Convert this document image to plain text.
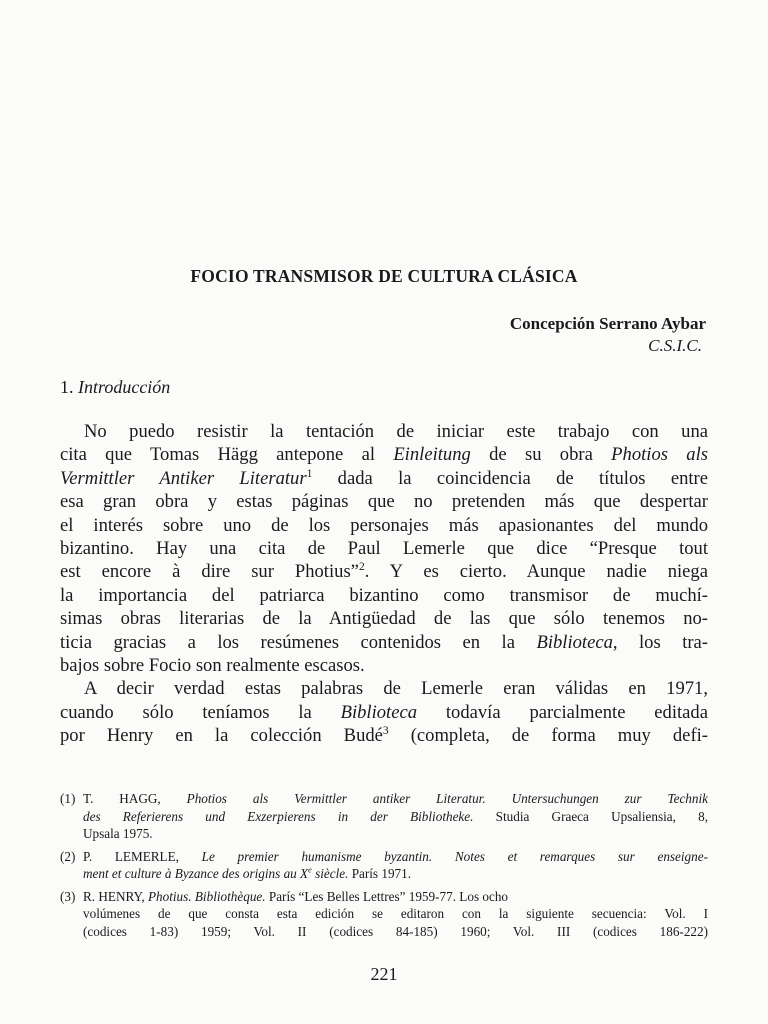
FOCIO TRANSMISOR DE CULTURA CLÁSICA
Concepción Serrano Aybar
C.S.I.C.
1. Introducción
No puedo resistir la tentación de iniciar este trabajo con una
cita que Tomas Hägg antepone al Einleitung de su obra Photios als
Vermittler Antiker Literatur$^1$ dada la coincidencia de títulos entre
esa gran obra y estas páginas que no pretenden más que despertar
el interés sobre uno de los personajes más apasionantes del mundo
bizantino. Hay una cita de Paul Lemerle que dice “Presque tout
est encore à dire sur Photius”$^2$. Y es cierto. Aunque nadie niega
la importancia del patriarca bizantino como transmisor de muchí-
simas obras literarias de la Antigüedad de las que sólo tenemos no-
ticia gracias a los resúmenes contenidos en la Biblioteca, los tra-
bajos sobre Focio son realmente escasos.
A decir verdad estas palabras de Lemerle eran válidas en 1971,
cuando sólo teníamos la Biblioteca todavía parcialmente editada
por Henry en la colección Budé$^3$ (completa, de forma muy defi-
(1) T. HAGG, Photios als Vermittler antiker Literatur. Untersuchungen zur Technik
des Referierens und Exzerpierens in der Bibliotheke. Studia Graeca Upsaliensia, 8,
Upsala 1975.
(2) P. LEMERLE, Le premier humanisme byzantin. Notes et remarques sur enseigne-
ment et culture à Byzance des origins au Xe siècle. París 1971.
(3) R. HENRY, Photius. Bibliothèque. París “Les Belles Lettres” 1959-77. Los ocho
volúmenes de que consta esta edición se editaron con la siguiente secuencia: Vol. I
(codices 1-83) 1959; Vol. II (codices 84-185) 1960; Vol. III (codices 186-222)
221
